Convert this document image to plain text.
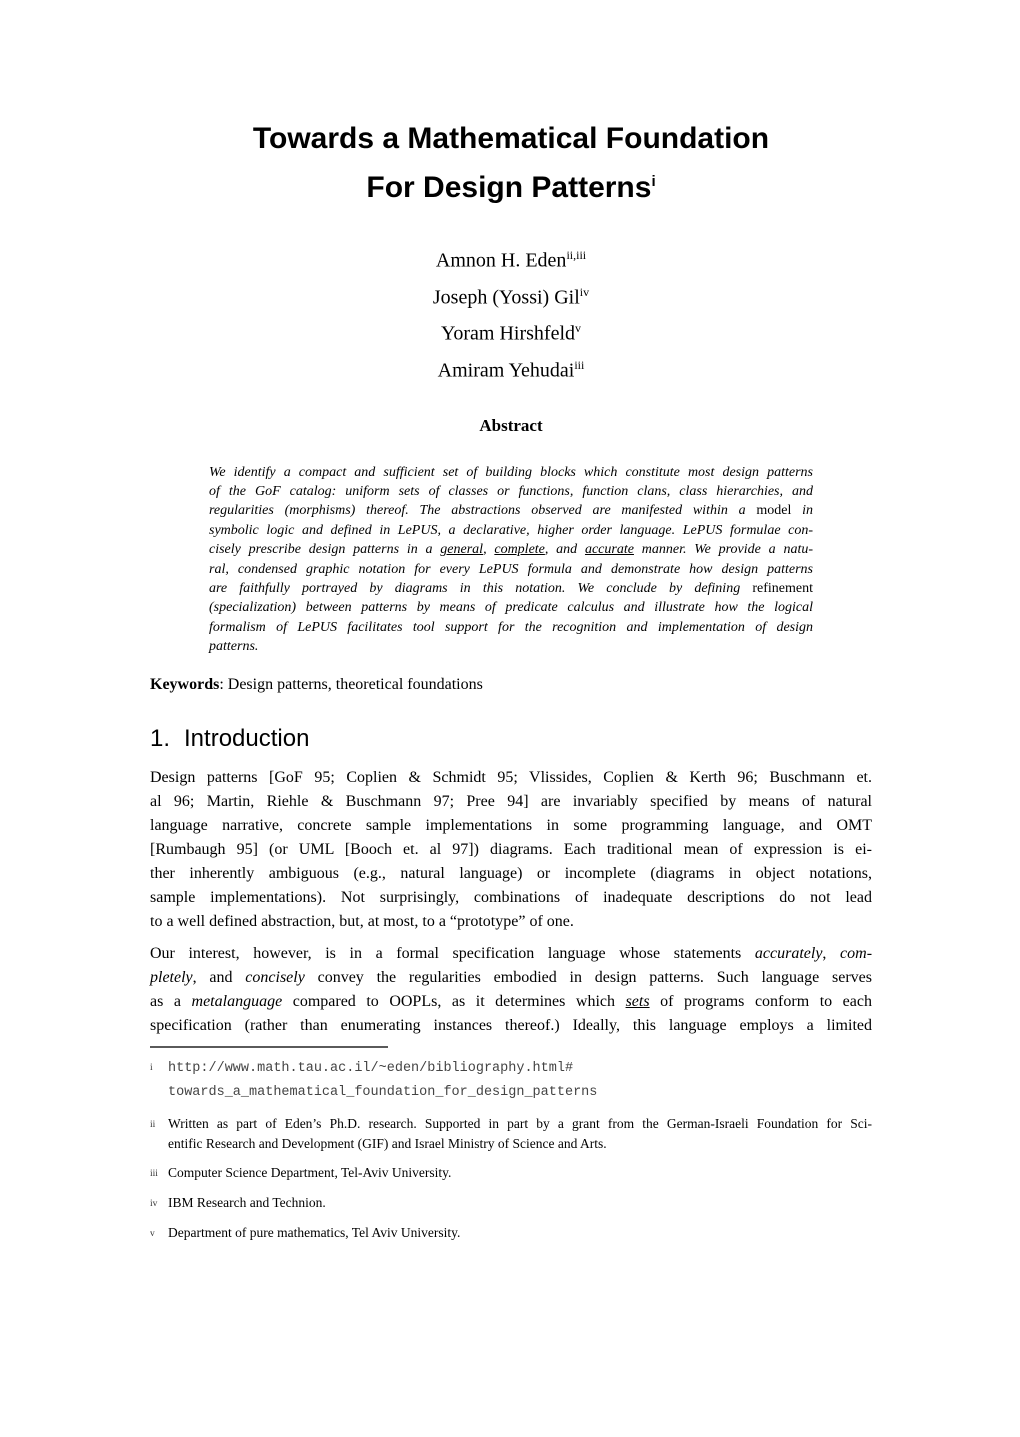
Towards a Mathematical Foundation
For Design Patterns$^i$
Amnon H. Eden$^{ii,iii}$
Joseph (Yossi) Gil$^{iv}$
Yoram Hirshfeld$^v$
Amiram Yehudai$^{iii}$
Abstract
We identify a compact and sufficient set of building blocks which constitute most design patterns
of the GoF catalog: uniform sets of classes or functions, function clans, class hierarchies, and
regularities (morphisms) thereof. The abstractions observed are manifested within a model in
symbolic logic and defined in LePUS, a declarative, higher order language. LePUS formulae con-
cisely prescribe design patterns in a general, complete, and accurate manner. We provide a natu-
ral, condensed graphic notation for every LePUS formula and demonstrate how design patterns
are faithfully portrayed by diagrams in this notation. We conclude by defining refinement
(specialization) between patterns by means of predicate calculus and illustrate how the logical
formalism of LePUS facilitates tool support for the recognition and implementation of design
patterns.
Keywords: Design patterns, theoretical foundations
1. Introduction
Design patterns [GoF 95; Coplien & Schmidt 95; Vlissides, Coplien & Kerth 96; Buschmann et.
al 96; Martin, Riehle & Buschmann 97; Pree 94] are invariably specified by means of natural
language narrative, concrete sample implementations in some programming language, and OMT
[Rumbaugh 95] (or UML [Booch et. al 97]) diagrams. Each traditional mean of expression is ei-
ther inherently ambiguous (e.g., natural language) or incomplete (diagrams in object notations,
sample implementations). Not surprisingly, combinations of inadequate descriptions do not lead
to a well defined abstraction, but, at most, to a “prototype” of one.
Our interest, however, is in a formal specification language whose statements accurately, com-
pletely, and concisely convey the regularities embodied in design patterns. Such language serves
as a metalanguage compared to OOPLs, as it determines which sets of programs conform to each
specification (rather than enumerating instances thereof.) Ideally, this language employs a limited
i	http://www.math.tau.ac.il/~eden/bibliography.html#
towards_a_mathematical_foundation_for_design_patterns
ii Written as part of Eden’s Ph.D. research. Supported in part by a grant from the German-Israeli Foundation for Sci-
entific Research and Development (GIF) and Israel Ministry of Science and Arts.
iii Computer Science Department, Tel-Aviv University.
iv IBM Research and Technion.
v Department of pure mathematics, Tel Aviv University.
